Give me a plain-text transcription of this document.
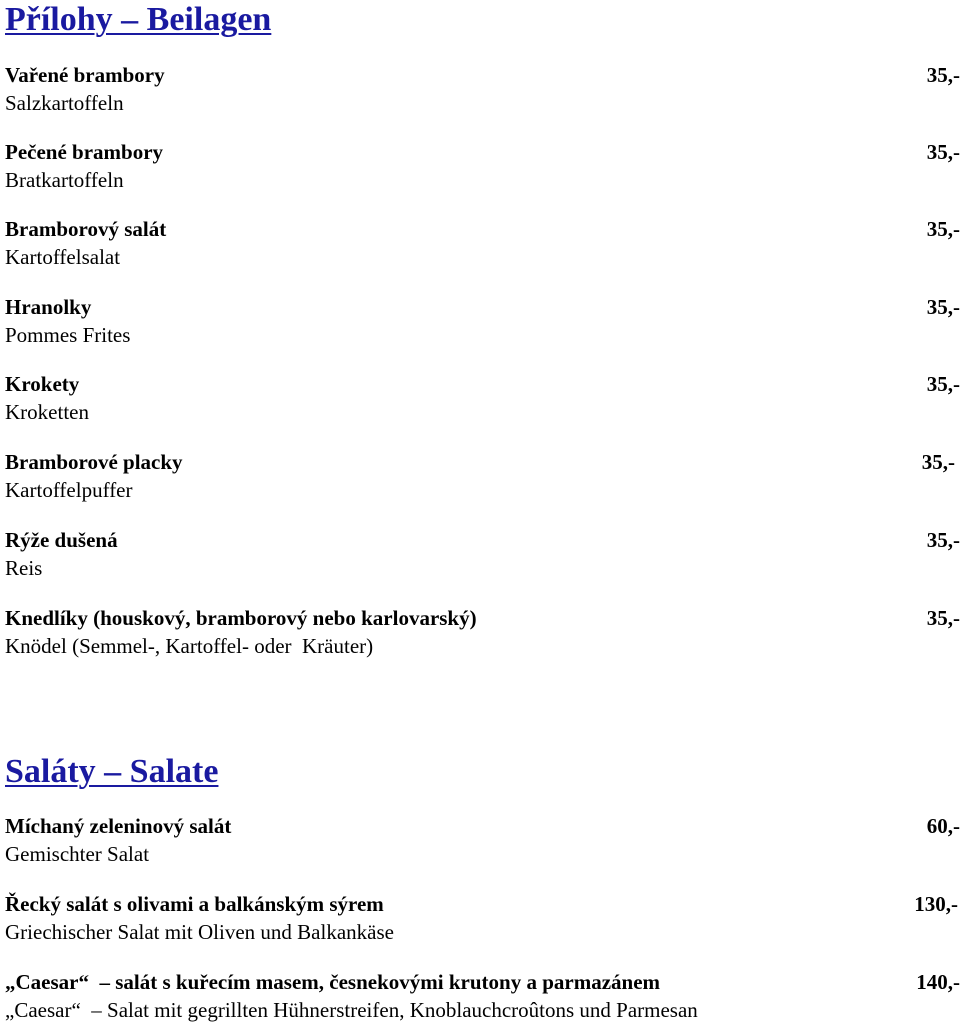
Přílohy – Beilagen
Vařené brambory
Salzkartoffeln
35,-
Pečené brambory
Bratkartoffeln
35,-
Bramborový salát
Kartoffelsalat
35,-
Hranolky
Pommes Frites
35,-
Krokety
Kroketten
35,-
Bramborové placky
Kartoffelpuffer
35,-
Rýže dušená
Reis
35,-
Knedlíky (houskový, bramborový nebo karlovarský)
Knödel (Semmel-, Kartoffel- oder  Kräuter)
35,-
Saláty – Salate
Míchaný zeleninový salát
Gemischter Salat
60,-
Řecký salát s olivami a balkánským sýrem
Griechischer Salat mit Oliven und Balkankäse
130,-
„Caesar“  – salát s kuřecím masem, česnekovými krutony a parmazánem
„Caesar“  – Salat mit gegrillten Hühnerstreifen, Knoblauchcroûtons und Parmesan
140,-
